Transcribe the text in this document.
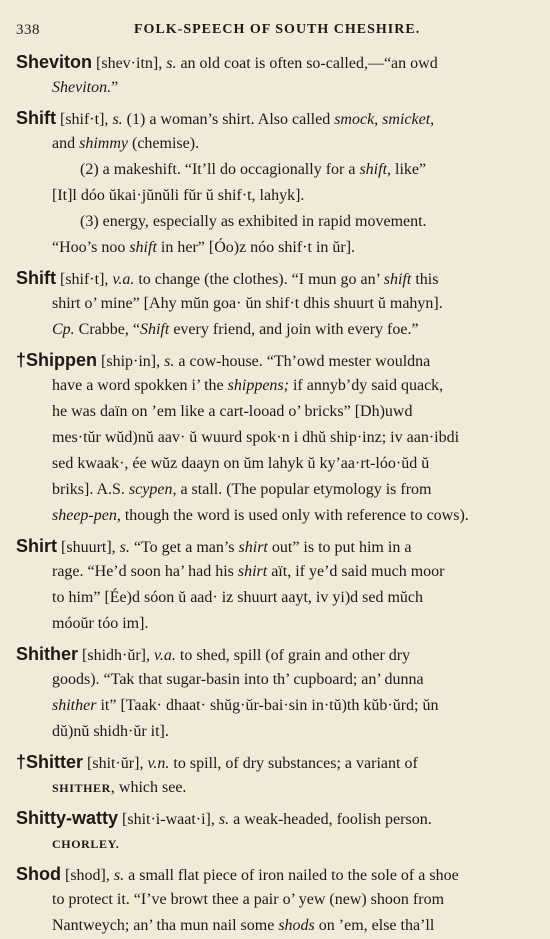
338	FOLK-SPEECH OF SOUTH CHESHIRE.
Sheviton [shev·itn], s. an old coat is often so-called,—“an owd
Sheviton.”
Shift [shif·t], s. (1) a woman’s shirt. Also called smock, smicket,
and shimmy (chemise).
(2) a makeshift. “It’ll do occagionally for a shift, like”
[It]l dóo ŭkai·jŭnŭli fŭr ŭ shif·t, lahyk].
(3) energy, especially as exhibited in rapid movement.
“Hoo’s noo shift in her” [Óo)z nóo shif·t in ŭr].
Shift [shif·t], v.a. to change (the clothes). “I mun go an’ shift this
shirt o’ mine” [Ahy mŭn goa· ŭn shif·t dhis shuurt ŭ mahyn].
Cp. Crabbe, “Shift every friend, and join with every foe.”
†Shippen [ship·in], s. a cow-house. “Th’owd mester wouldna
have a word spokken i’ the shippens; if annyb’dy said quack,
he was daïn on ’em like a cart-looad o’ bricks” [Dh)uwd
mes·tŭr wŭd)nŭ aav· ŭ wuurd spok·n i dhŭ ship·inz; iv aan·ibdi
sed kwaak·, ée wŭz daayn on ŭm lahyk ŭ ky’aa·rt-lóo·ŭd ŭ
briks]. A.S. scypen, a stall. (The popular etymology is from
sheep-pen, though the word is used only with reference to cows).
Shirt [shuurt], s. “To get a man’s shirt out” is to put him in a
rage. “He’d soon ha’ had his shirt aït, if ye’d said much moor
to him” [Ée)d sóon ŭ aad· iz shuurt aayt, iv yi)d sed mŭch
móoŭr tóo im].
Shither [shidh·ŭr], v.a. to shed, spill (of grain and other dry
goods). “Tak that sugar-basin into th’ cupboard; an’ dunna
shither it” [Taak· dhaat· shŭg·ŭr-bai·sin in·tŭ)th kŭb·ŭrd; ŭn
dŭ)nŭ shidh·ŭr it].
†Shitter [shit·ŭr], v.n. to spill, of dry substances; a variant of
SHITHER, which see.
Shitty-watty [shit·i-waat·i], s. a weak-headed, foolish person.
CHORLEY.
Shod [shod], s. a small flat piece of iron nailed to the sole of a shoe
to protect it. “I’ve browt thee a pair o’ yew (new) shoon from
Nantweych; an’ tha mun nail some shods on ’em, else tha’ll
